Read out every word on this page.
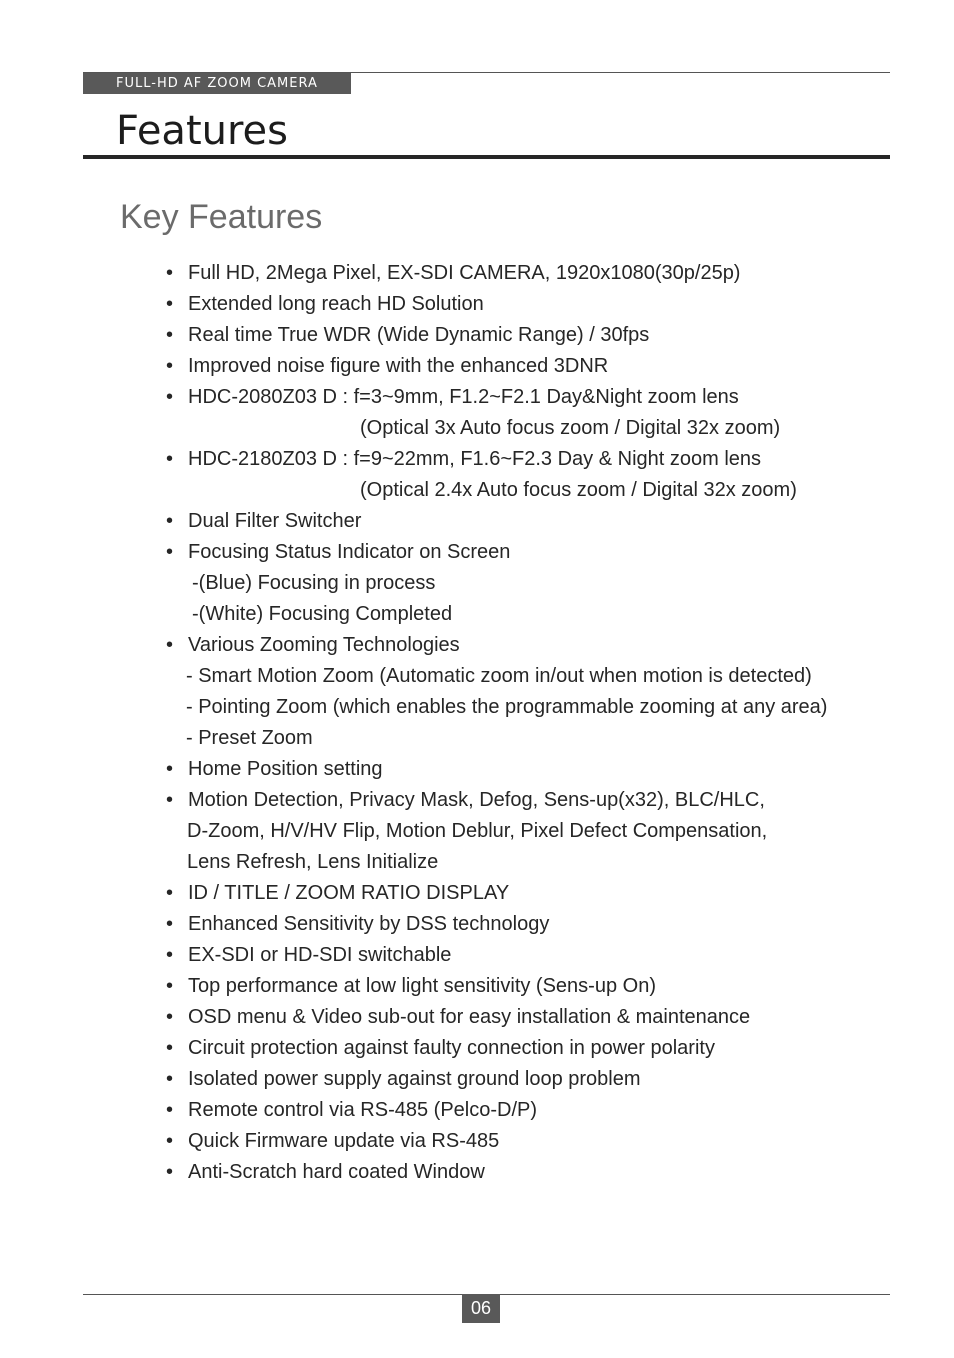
FULL-HD AF ZOOM CAMERA
Features
Key Features
• Full HD, 2Mega Pixel, EX-SDI CAMERA, 1920x1080(30p/25p)
• Extended long reach HD Solution
• Real time True WDR (Wide Dynamic Range) / 30fps
• Improved noise figure with the enhanced 3DNR
• HDC-2080Z03 D : f=3~9mm, F1.2~F2.1 Day&Night zoom lens
(Optical 3x Auto focus zoom / Digital 32x zoom)
• HDC-2180Z03 D : f=9~22mm, F1.6~F2.3 Day & Night zoom lens
(Optical 2.4x Auto focus zoom / Digital 32x zoom)
• Dual Filter Switcher
• Focusing Status Indicator on Screen
-(Blue) Focusing in process
-(White) Focusing Completed
• Various Zooming Technologies
- Smart Motion Zoom (Automatic zoom in/out when motion is detected)
- Pointing Zoom (which enables the programmable zooming at any area)
- Preset Zoom
• Home Position setting
• Motion Detection, Privacy Mask, Defog, Sens-up(x32), BLC/HLC,
D-Zoom, H/V/HV Flip, Motion Deblur, Pixel Defect Compensation,
Lens Refresh, Lens Initialize
• ID / TITLE / ZOOM RATIO DISPLAY
• Enhanced Sensitivity by DSS technology
• EX-SDI or HD-SDI switchable
• Top performance at low light sensitivity (Sens-up On)
• OSD menu & Video sub-out for easy installation & maintenance
• Circuit protection against faulty connection in power polarity
• Isolated power supply against ground loop problem
• Remote control via RS-485 (Pelco-D/P)
• Quick Firmware update via RS-485
• Anti-Scratch hard coated Window
06
